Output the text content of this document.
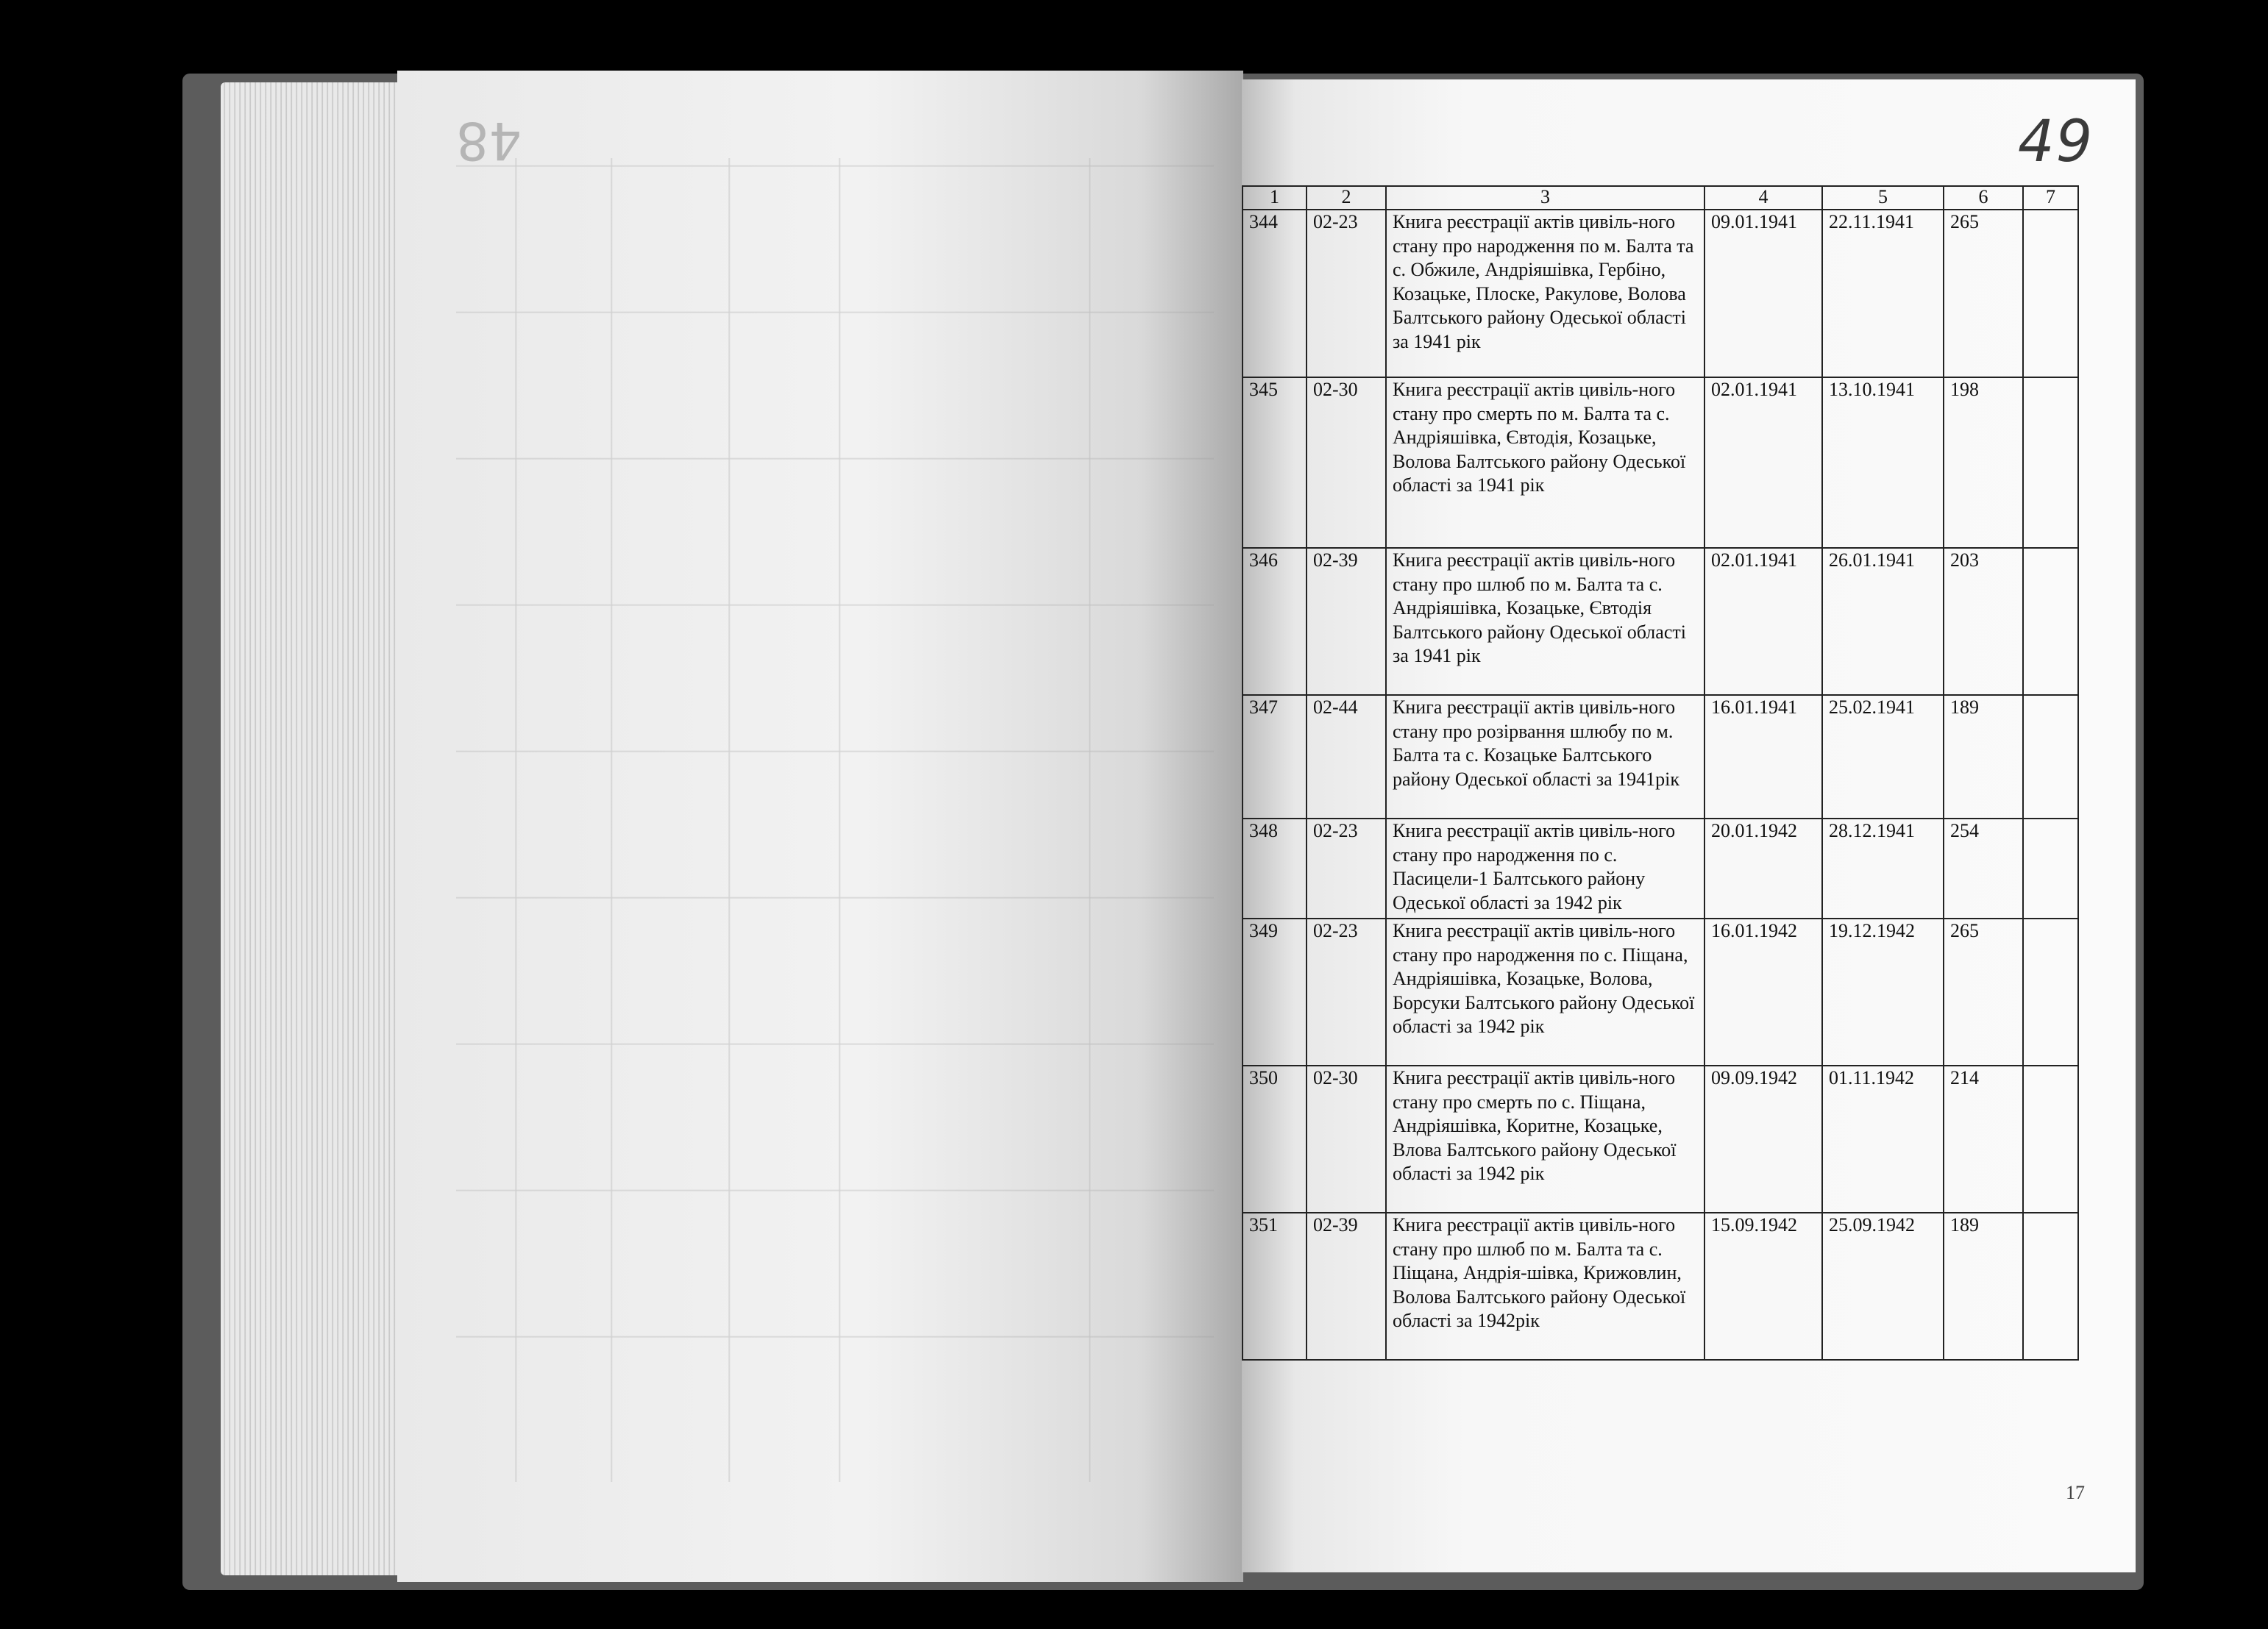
48	49
1	2	3	4	5	6	7
344	02-23	Книга реєстрації актів цивіль-ного стану про народження по м. Балта та с. Обжиле, Андріяшівка, Гербіно, Козацьке, Плоске, Ракулове, Волова Балтського району Одеської області за 1941 рік	09.01.1941	22.11.1941	265	
345	02-30	Книга реєстрації актів цивіль-ного стану про смерть по м. Балта та с. Андріяшівка, Євтодія, Козацьке, Волова Балтського району Одеської області за 1941 рік	02.01.1941	13.10.1941	198	
346	02-39	Книга реєстрації актів цивіль-ного стану про шлюб по м. Балта та с. Андріяшівка, Козацьке, Євтодія Балтського району Одеської області за 1941 рік	02.01.1941	26.01.1941	203	
347	02-44	Книга реєстрації актів цивіль-ного стану про розірвання шлюбу по м. Балта та с. Козацьке Балтського району Одеської області за 1941рік	16.01.1941	25.02.1941	189	
348	02-23	Книга реєстрації актів цивіль-ного стану про народження по с. Пасицели-1 Балтського району Одеської області за 1942 рік	20.01.1942	28.12.1941	254	
349	02-23	Книга реєстрації актів цивіль-ного стану про народження по с. Піщана, Андріяшівка, Козацьке, Волова, Борсуки Балтського району Одеської області за 1942 рік	16.01.1942	19.12.1942	265	
350	02-30	Книга реєстрації актів цивіль-ного стану про смерть по с. Піщана, Андріяшівка, Коритне, Козацьке, Влова Балтського району Одеської області за 1942 рік	09.09.1942	01.11.1942	214	
351	02-39	Книга реєстрації актів цивіль-ного стану про шлюб по м. Балта та с. Піщана, Андрія-шівка, Крижовлин, Волова Балтського району Одеської області за 1942рік	15.09.1942	25.09.1942	189	
17
